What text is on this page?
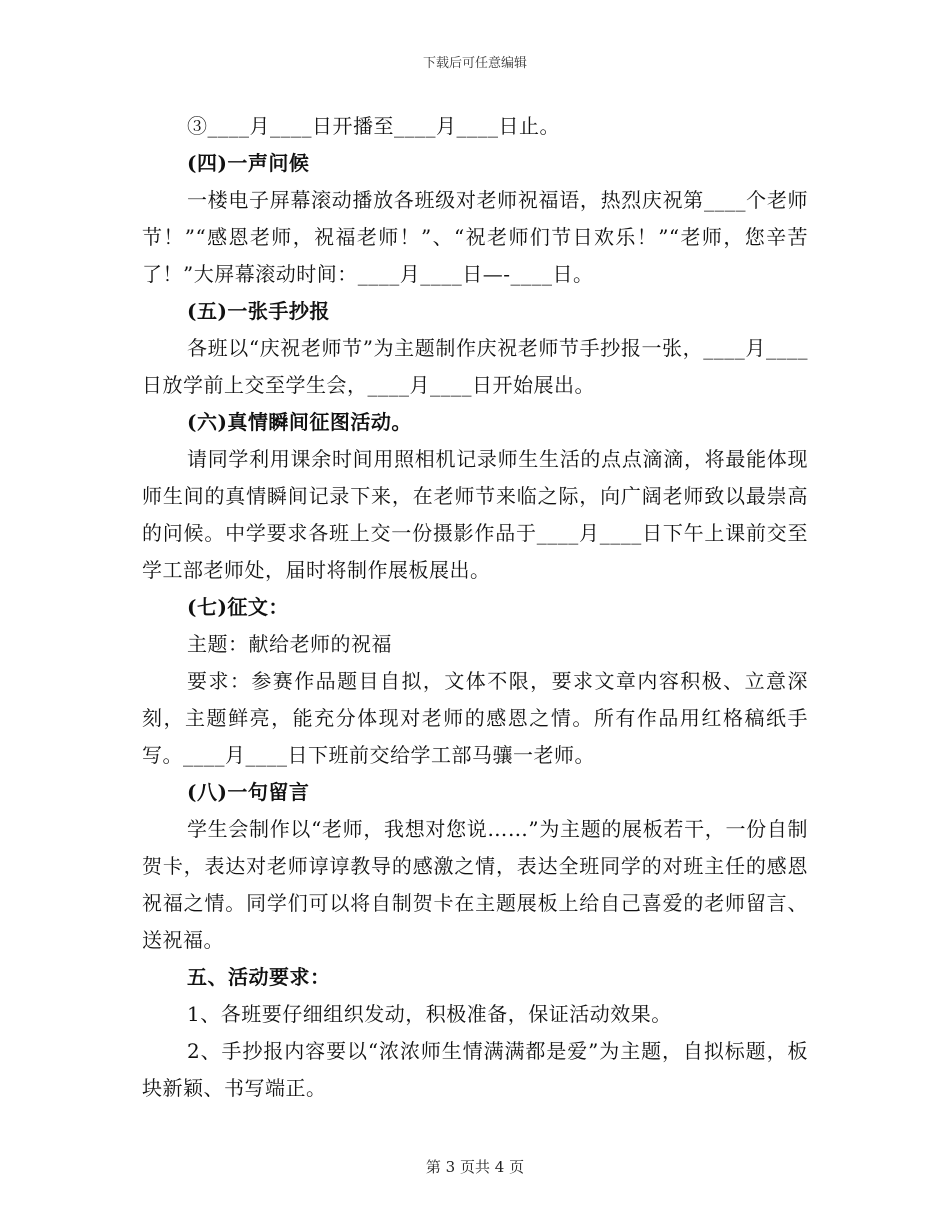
下载后可任意编辑

③____月____日开播至____月____日止。

(四)一声问候

一楼电子屏幕滚动播放各班级对老师祝福语，热烈庆祝第____个老师节！”“感恩老师，祝福老师！”、“祝老师们节日欢乐！”“老师，您辛苦了！”大屏幕滚动时间：____月____日—-____日。

(五)一张手抄报

各班以“庆祝老师节”为主题制作庆祝老师节手抄报一张，____月____日放学前上交至学生会，____月____日开始展出。

(六)真情瞬间征图活动。

请同学利用课余时间用照相机记录师生生活的点点滴滴，将最能体现师生间的真情瞬间记录下来，在老师节来临之际，向广阔老师致以最崇高的问候。中学要求各班上交一份摄影作品于____月____日下午上课前交至学工部老师处，届时将制作展板展出。

(七)征文：

主题：献给老师的祝福

要求：参赛作品题目自拟，文体不限，要求文章内容积极、立意深刻，主题鲜亮，能充分体现对老师的感恩之情。所有作品用红格稿纸手写。____月____日下班前交给学工部马骧一老师。

(八)一句留言

学生会制作以“老师，我想对您说……”为主题的展板若干，一份自制贺卡，表达对老师谆谆教导的感激之情，表达全班同学的对班主任的感恩祝福之情。同学们可以将自制贺卡在主题展板上给自己喜爱的老师留言、送祝福。

五、活动要求：

1、各班要仔细组织发动，积极准备，保证活动效果。

2、手抄报内容要以“浓浓师生情满满都是爱”为主题，自拟标题，板块新颖、书写端正。

第 3 页共 4 页
